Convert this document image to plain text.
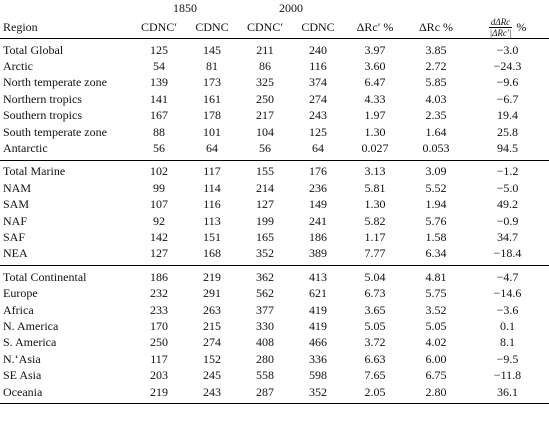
	1850		2000				
Region	CDNC′	CDNC	CDNC′	CDNC	ΔRc′ %	ΔRc %	$\frac{\text{dΔRc}}{\text{|ΔRc′|}}$ %
Total Global	125	145	211	240	3.97	3.85	−3.0
Arctic	54	81	86	116	3.60	2.72	−24.3
North temperate zone	139	173	325	374	6.47	5.85	−9.6
Northern tropics	141	161	250	274	4.33	4.03	−6.7
Southern tropics	167	178	217	243	1.97	2.35	19.4
South temperate zone	88	101	104	125	1.30	1.64	25.8
Antarctic	56	64	56	64	0.027	0.053	94.5
Total Marine	102	117	155	176	3.13	3.09	−1.2
NAM	99	114	214	236	5.81	5.52	−5.0
SAM	107	116	127	149	1.30	1.94	49.2
NAF	92	113	199	241	5.82	5.76	−0.9
SAF	142	151	165	186	1.17	1.58	34.7
NEA	127	168	352	389	7.77	6.34	−18.4
Total Continental	186	219	362	413	5.04	4.81	−4.7
Europe	232	291	562	621	6.73	5.75	−14.6
Africa	233	263	377	419	3.65	3.52	−3.6
N. America	170	215	330	419	5.05	5.05	0.1
S. America	250	274	408	466	3.72	4.02	8.1
N.‘Asia	117	152	280	336	6.63	6.00	−9.5
SE Asia	203	245	558	598	7.65	6.75	−11.8
Oceania	219	243	287	352	2.05	2.80	36.1
